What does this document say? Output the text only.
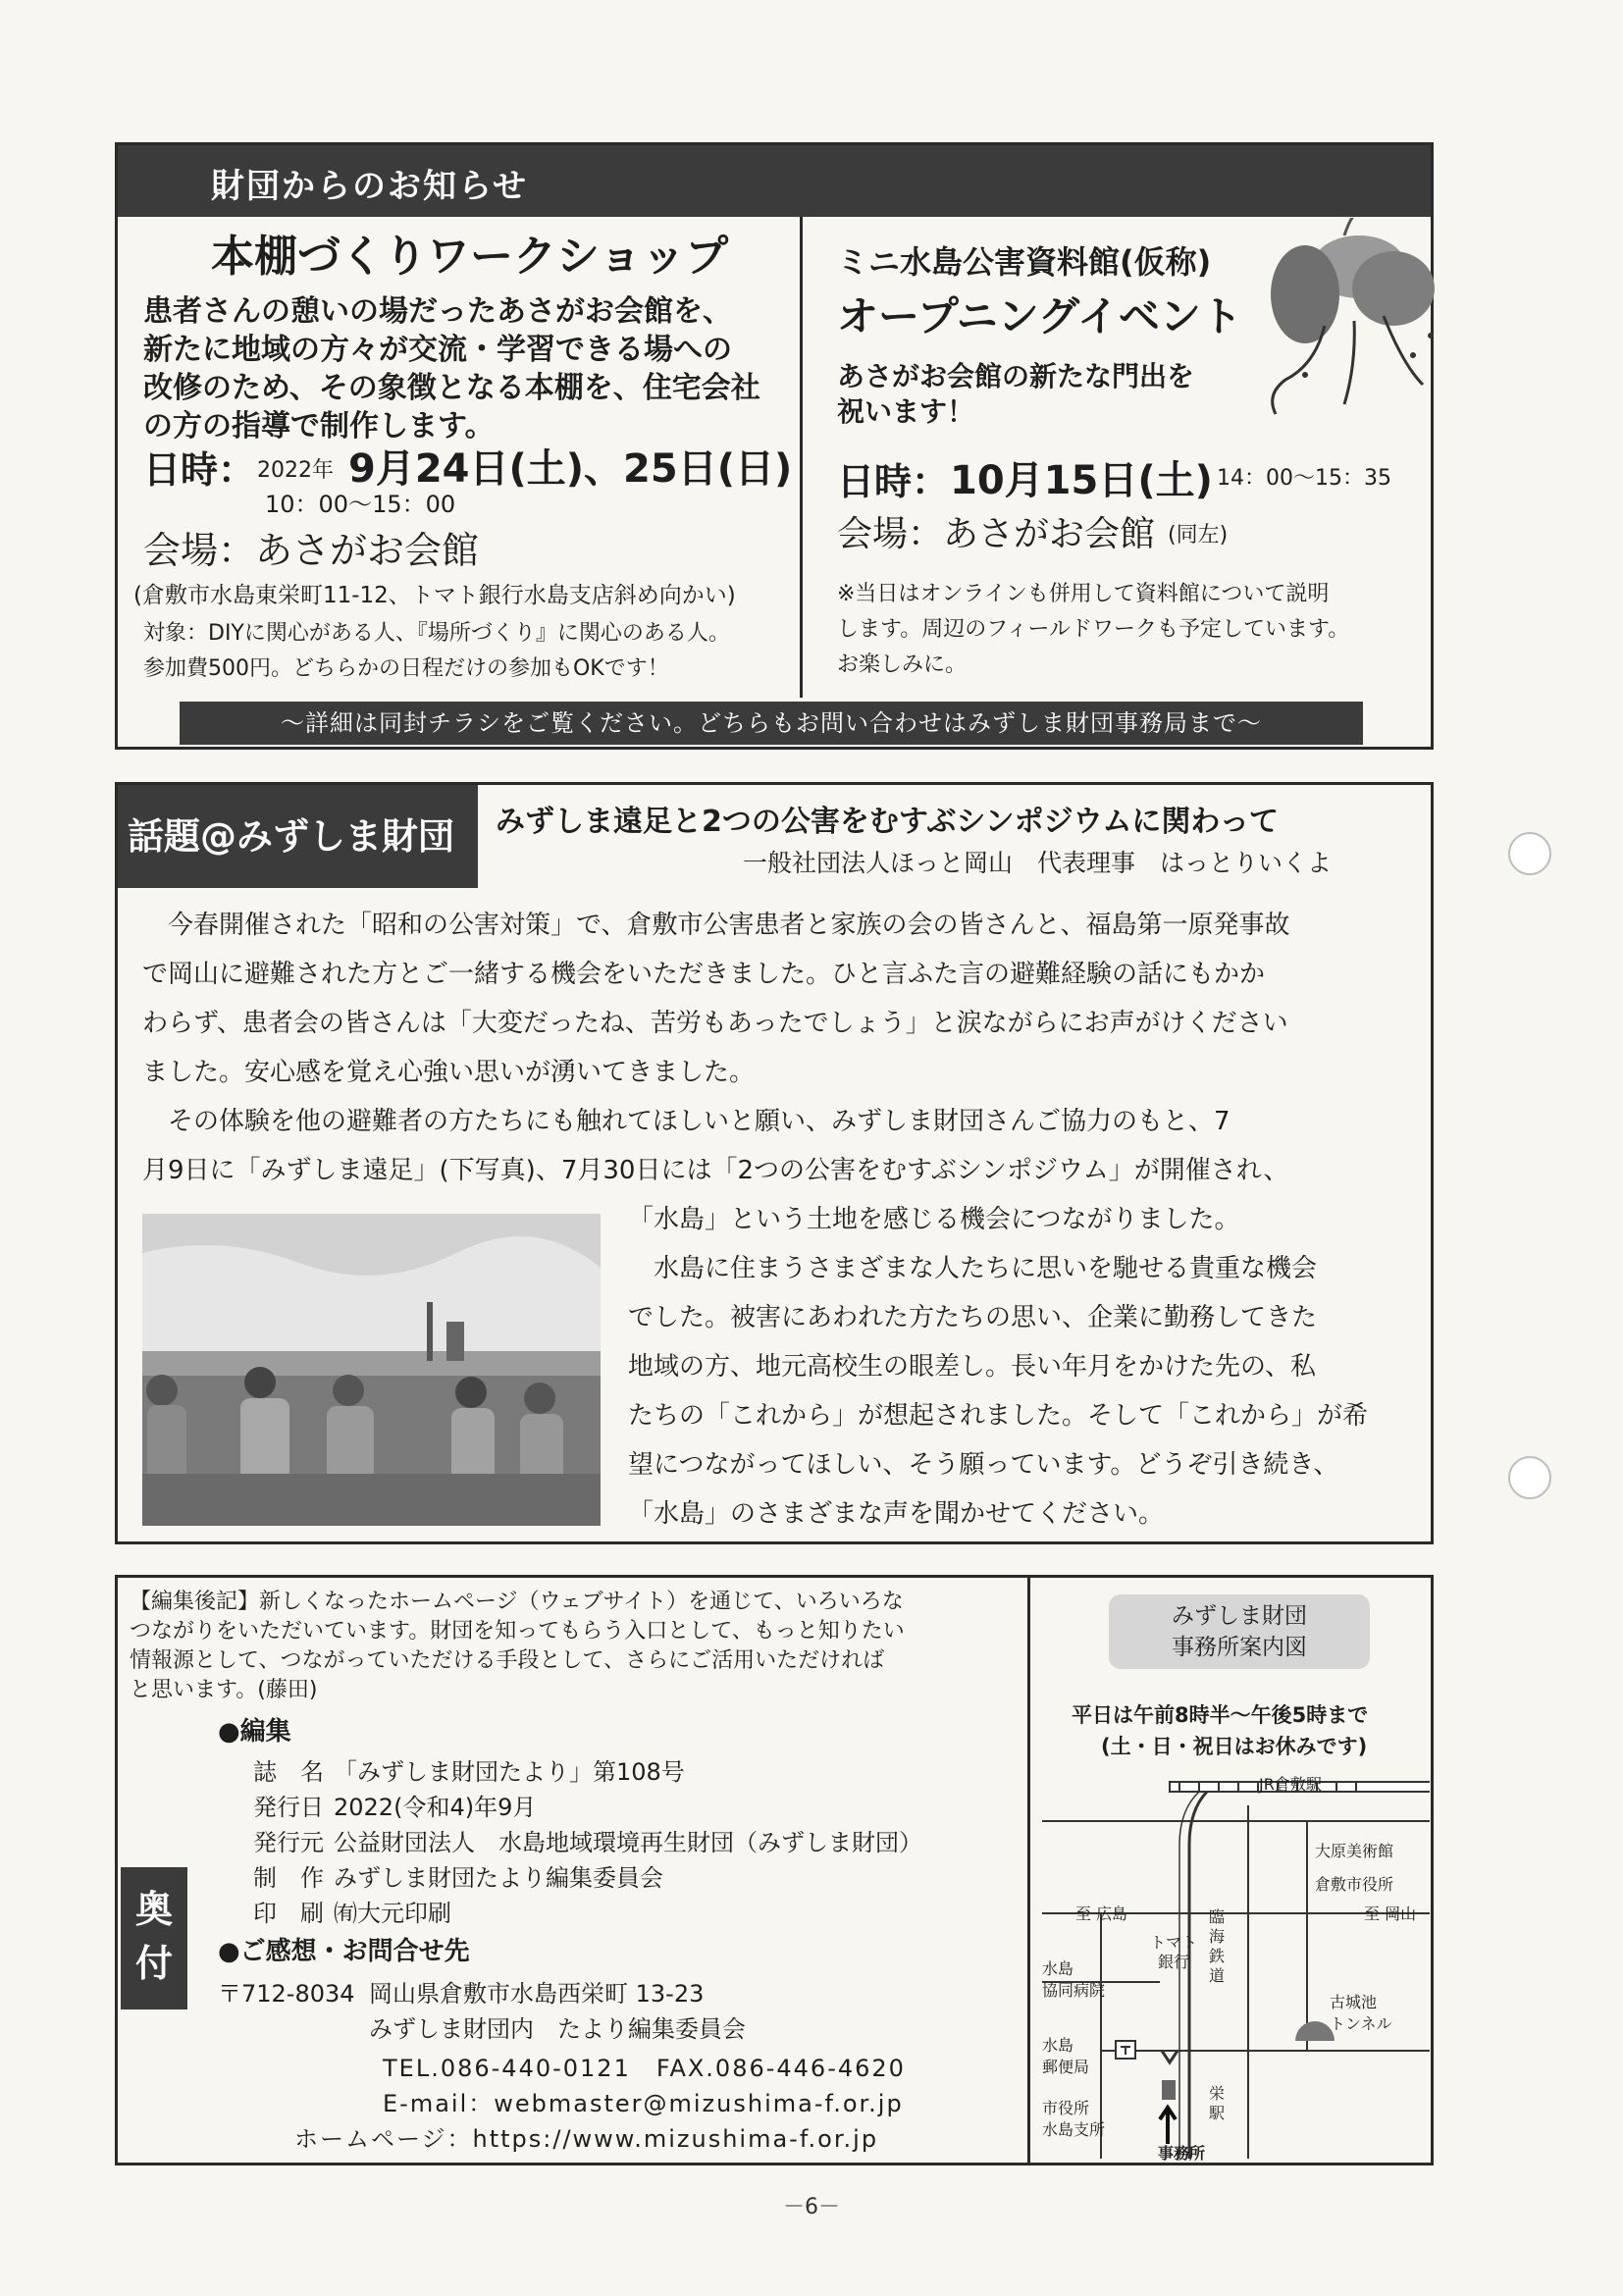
財団からのお知らせ
～詳細は同封チラシをご覧ください。どちらもお問い合わせはみずしま財団事務局まで～
本棚づくりワークショップ
患者さんの憩いの場だったあさがお会館を、
新たに地域の方々が交流・学習できる場への
改修のため、その象徴となる本棚を、住宅会社
の方の指導で制作します。
日時： 2022年 9月24日(土)、25日(日)
10：00～15：00
会場：あさがお会館
(倉敷市水島東栄町11-12、トマト銀行水島支店斜め向かい)
対象：DIYに関心がある人、『場所づくり』に関心のある人。
参加費500円。どちらかの日程だけの参加もOKです！
ミニ水島公害資料館(仮称)
オープニングイベント
あさがお会館の新たな門出を
祝います！
日時： 10月15日(土) 14：00～15：35
会場：あさがお会館 (同左)
※当日はオンラインも併用して資料館について説明
します。周辺のフィールドワークも予定しています。
お楽しみに。
話題@みずしま財団	みずしま遠足と2つの公害をむすぶシンポジウムに関わって
一般社団法人ほっと岡山　代表理事　はっとりいくよ
　今春開催された「昭和の公害対策」で、倉敷市公害患者と家族の会の皆さんと、福島第一原発事故
で岡山に避難された方とご一緒する機会をいただきました。ひと言ふた言の避難経験の話にもかか
わらず、患者会の皆さんは「大変だったね、苦労もあったでしょう」と涙ながらにお声がけください
ました。安心感を覚え心強い思いが湧いてきました。
　その体験を他の避難者の方たちにも触れてほしいと願い、みずしま財団さんご協力のもと、7
月9日に「みずしま遠足」(下写真)、7月30日には「2つの公害をむすぶシンポジウム」が開催され、
「水島」という土地を感じる機会につながりました。
　水島に住まうさまざまな人たちに思いを馳せる貴重な機会
でした。被害にあわれた方たちの思い、企業に勤務してきた
地域の方、地元高校生の眼差し。長い年月をかけた先の、私
たちの「これから」が想起されました。そして「これから」が希
望につながってほしい、そう願っています。どうぞ引き続き、
「水島」のさまざまな声を聞かせてください。
【編集後記】新しくなったホームページ（ウェブサイト）を通じて、いろいろな
つながりをいただいています。財団を知ってもらう入口として、もっと知りたい
情報源として、つながっていただける手段として、さらにご活用いただければ
と思います。(藤田)
●編集
誌　名 「みずしま財団たより」第108号
発行日 2022(令和4)年9月
発行元 公益財団法人　水島地域環境再生財団（みずしま財団）
制　作 みずしま財団たより編集委員会
印　刷 ㈲大元印刷
●ご感想・お問合せ先
〒712-8034 岡山県倉敷市水島西栄町 13-23
みずしま財団内　たより編集委員会
TEL.086-440-0121　FAX.086-446-4620
E-mail：webmaster@mizushima-f.or.jp
ホームページ：https://www.mizushima-f.or.jp
奥
付
みずしま財団
事務所案内図
平日は午前8時半～午後5時まで
(土・日・祝日はお休みです)
JR倉敷駅
大原美術館
倉敷市役所
至 広島	至 岡山
臨
海
鉄
道
トマト
銀行
水島
協同病院
古城池
トンネル
水島
郵便局
市役所
水島支所
栄
駅
事務所
－6－
